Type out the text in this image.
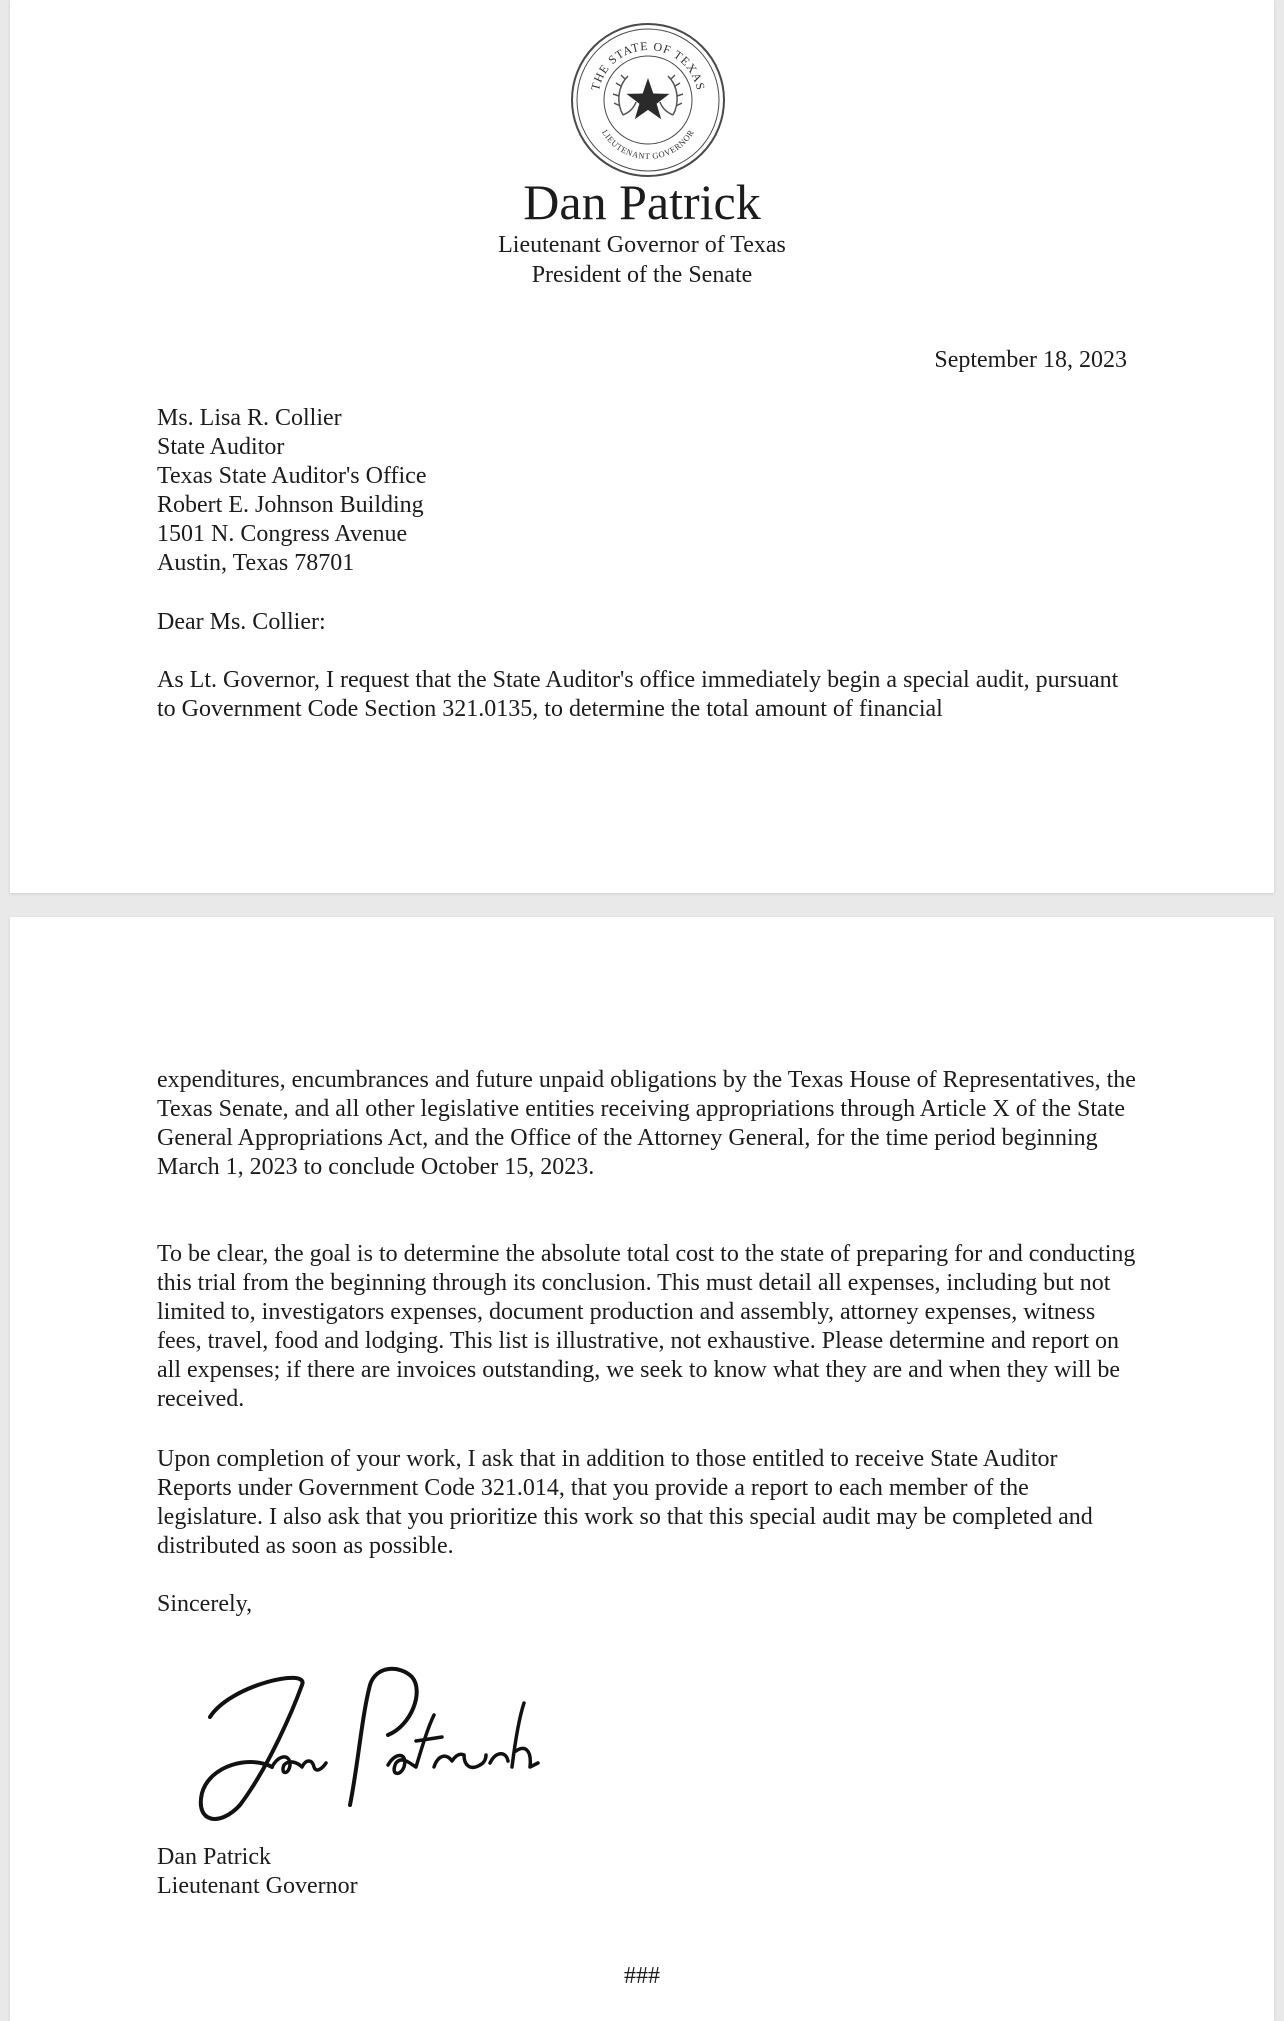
THE STATE OF TEXAS
LIEUTENANT GOVERNOR
Dan Patrick
Lieutenant Governor of Texas
President of the Senate
September 18, 2023
Ms. Lisa R. Collier
State Auditor
Texas State Auditor's Office
Robert E. Johnson Building
1501 N. Congress Avenue
Austin, Texas 78701
Dear Ms. Collier:

As Lt. Governor, I request that the State Auditor's office immediately begin a special audit, pursuant to Government Code Section 321.0135, to determine the total amount of financial

expenditures, encumbrances and future unpaid obligations by the Texas House of Representatives, the Texas Senate, and all other legislative entities receiving appropriations through Article X of the State General Appropriations Act, and the Office of the Attorney General, for the time period beginning March 1, 2023 to conclude October 15, 2023.

To be clear, the goal is to determine the absolute total cost to the state of preparing for and conducting this trial from the beginning through its conclusion. This must detail all expenses, including but not limited to, investigators expenses, document production and assembly, attorney expenses, witness fees, travel, food and lodging. This list is illustrative, not exhaustive. Please determine and report on all expenses; if there are invoices outstanding, we seek to know what they are and when they will be received.

Upon completion of your work, I ask that in addition to those entitled to receive State Auditor Reports under Government Code 321.014, that you provide a report to each member of the legislature. I also ask that you prioritize this work so that this special audit may be completed and distributed as soon as possible.

Sincerely,
Dan Patrick
Lieutenant Governor
###
